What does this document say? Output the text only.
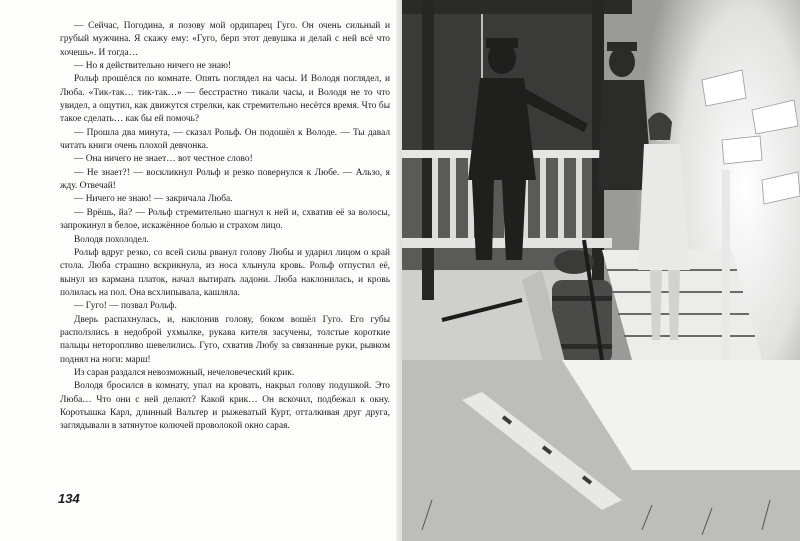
— Сейчас, Погодина, я позову мой ордипарец Гуго. Он очень сильный и грубый мужчина. Я скажу ему: «Гуго, берп этот девушка и делай с ней всё что хочешь». И тогда…

— Но я действительно ничего не знаю!

Рольф прошёлся по комнате. Опять поглядел на часы. И Володя поглядел, и Люба. «Тик-так… тик-так…» — бесстрастно тикали часы, и Володя не то что увидел, а ощутил, как движутся стрелки, как стремительно несётся время. Что бы такое сделать… как бы ей помочь?

— Прошла два минута, — сказал Рольф. Он подошёл к Володе. — Ты давал читать книги очень плохой девчонка.

— Она ничего не знает… вот честное слово!

— Не знает?! — воскликнул Рольф и резко повернулся к Любе. — Альзо, я жду. Отвечай!

— Ничего не знаю! — закричала Люба.

— Врёшь, йа? — Рольф стремительно шагнул к ней и, схватив её за волосы, запрокинул в белое, искажённое болью и страхом лицо.

Володя похолодел.

Рольф вдруг резко, со всей силы рванул голову Любы и ударил лицом о край стола. Люба страшно вскрикнула, из носа хлынула кровь. Рольф отпустил её, вынул из кармана платок, начал вытирать ладони. Люба наклонилась, и кровь полилась на пол. Она всхлипывала, кашляла.

— Гуго! — позвал Рольф.

Дверь распахнулась, и, наклонив голову, боком вошёл Гуго. Его губы расползлись в недоброй ухмылке, рукава кителя засучены, толстые короткие пальцы неторопливо шевелились. Гуго, схватив Любу за связанные руки, рывком поднял на ноги: марш!

Из сарая раздался невозможный, нечеловеческий крик.

Володя бросился в комнату, упал на кровать, накрыл голову подушкой. Это Люба… Что они с ней делают? Какой крик… Он вскочил, подбежал к окну. Коротышка Карл, длинный Вальтер и рыжеватый Курт, отталкивая друг друга, заглядывали в затянутое колючей проволокой окно сарая.

134
